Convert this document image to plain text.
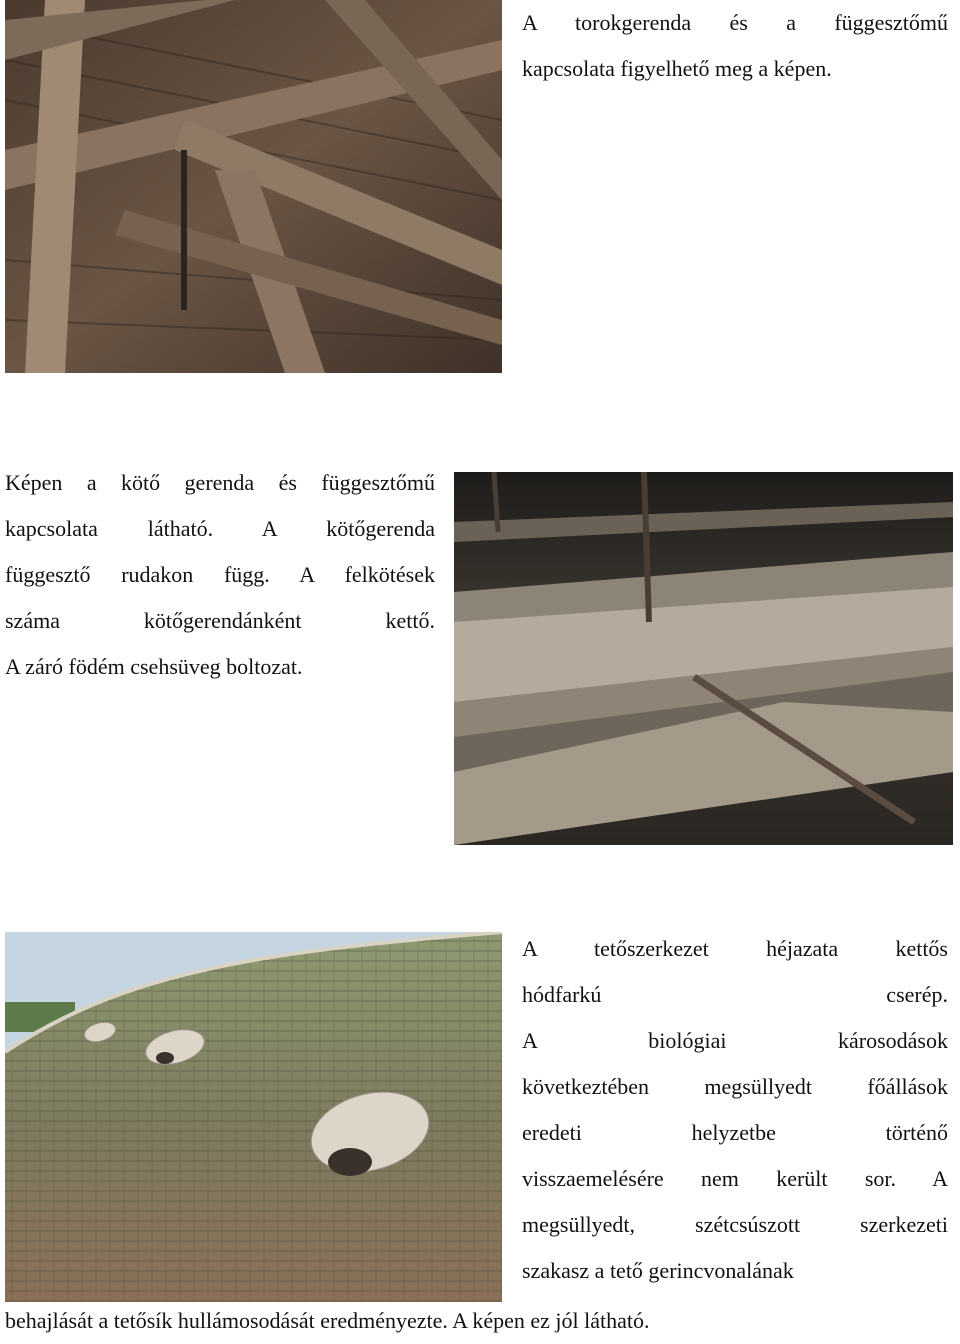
A torokgerenda és a függesztőmű

kapcsolata figyelhető meg a képen.

Képen a kötő gerenda és függesztőmű

kapcsolata látható. A kötőgerenda

függesztő rudakon függ. A felkötések

száma kötőgerendánként kettő.

A záró födém csehsüveg boltozat.

A tetőszerkezet héjazata kettős

hódfarkú cserép.

A biológiai károsodások

következtében megsüllyedt főállások

eredeti helyzetbe történő

visszaemelésére nem került sor. A

megsüllyedt, szétcsúszott szerkezeti

szakasz a tető gerincvonalának

behajlását a tetősík hullámosodását eredményezte. A képen ez jól látható.
